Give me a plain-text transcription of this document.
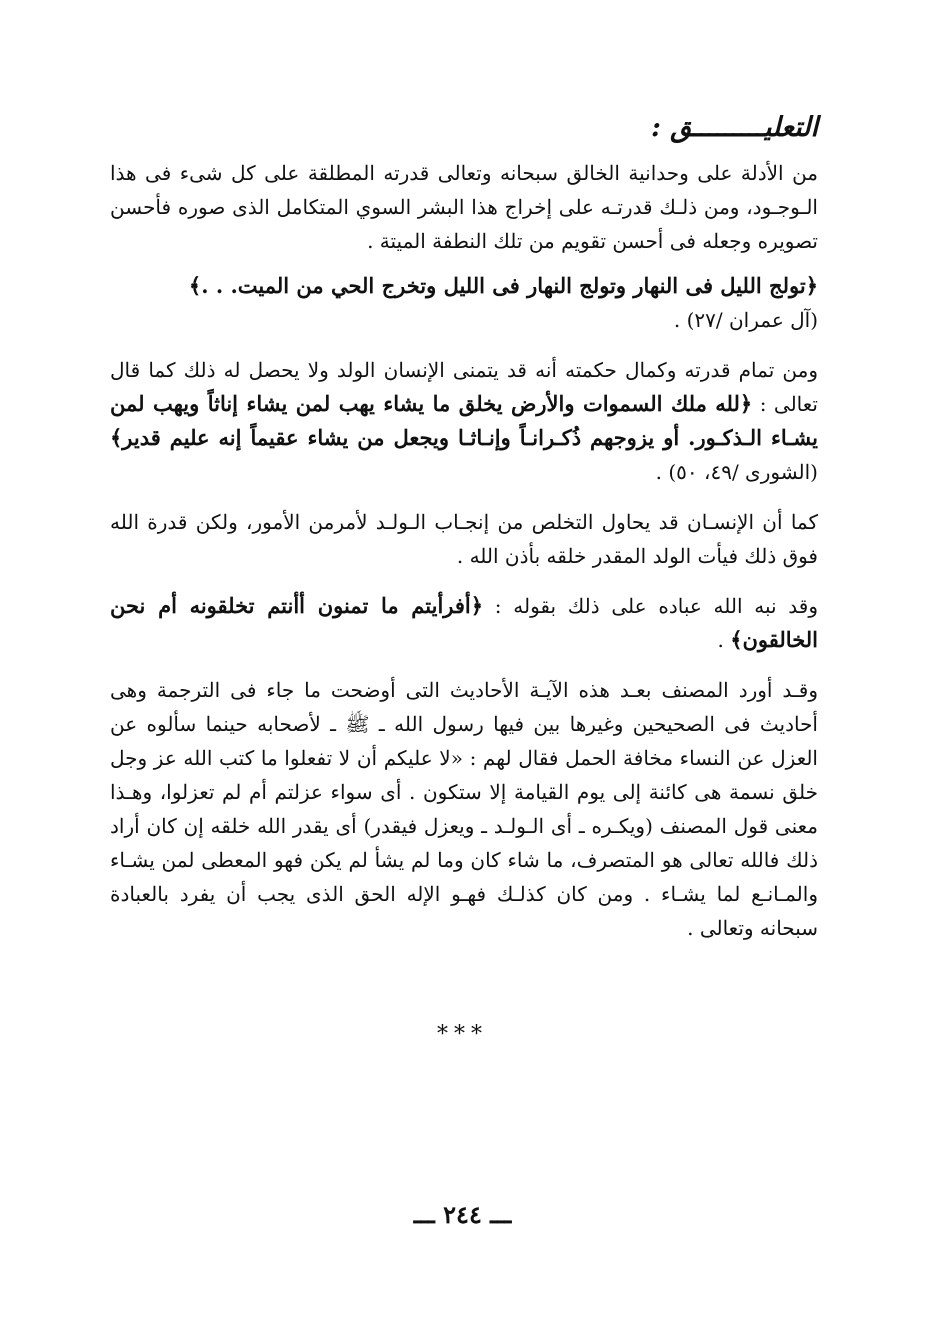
التعليـــــــــق :

من الأدلة على وحدانية الخالق سبحانه وتعالى قدرته المطلقة على كل شىء فى هذا الـوجـود، ومن ذلـك قدرتـه على إخراج هذا البشر السوي المتكامل الذى صوره فأحسن تصويره وجعله فى أحسن تقويم من تلك النطفة الميتة .

﴿تولج الليل فى النهار وتولج النهار فى الليل وتخرج الحي من الميت. . .﴾
(آل عمران /٢٧) .

ومن تمام قدرته وكمال حكمته أنه قد يتمنى الإنسان الولد ولا يحصل له ذلك كما قال تعالى : ﴿لله ملك السموات والأرض يخلق ما يشاء يهب لمن يشاء إناثاً ويهب لمن يشـاء الـذكـور. أو يزوجهم ذُكـرانـاً وإنـاثـا ويجعل من يشاء عقيماً إنه عليم قدير﴾ (الشورى /٤٩، ٥٠) .

كما أن الإنسـان قد يحاول التخلص من إنجـاب الـولـد لأمرمن الأمور، ولكن قدرة الله فوق ذلك فيأت الولد المقدر خلقه بأذن الله .

وقد نبه الله عباده على ذلك بقوله : ﴿أفرأيتم ما تمنون أأنتم تخلقونه أم نحن الخالقون﴾ .

وقـد أورد المصنف بعـد هذه الآيـة الأحاديث التى أوضحت ما جاء فى الترجمة وهى أحاديث فى الصحيحين وغيرها بين فيها رسول الله ـ ﷺ ـ لأصحابه حينما سألوه عن العزل عن النساء مخافة الحمل فقال لهم : «لا عليكم أن لا تفعلوا ما كتب الله عز وجل خلق نسمة هى كائنة إلى يوم القيامة إلا ستكون . أى سواء عزلتم أم لم تعزلوا، وهـذا معنى قول المصنف (ويكـره ـ أى الـولـد ـ ويعزل فيقدر) أى يقدر الله خلقه إن كان أراد ذلك فالله تعالى هو المتصرف، ما شاء كان وما لم يشأ لم يكن فهو المعطى لمن يشـاء والمـانـع لما يشـاء . ومن كان كذلـك فهـو الإله الحق الذى يجب أن يفرد بالعبادة سبحانه وتعالى .

***
ـــ ٢٤٤ ـــ
